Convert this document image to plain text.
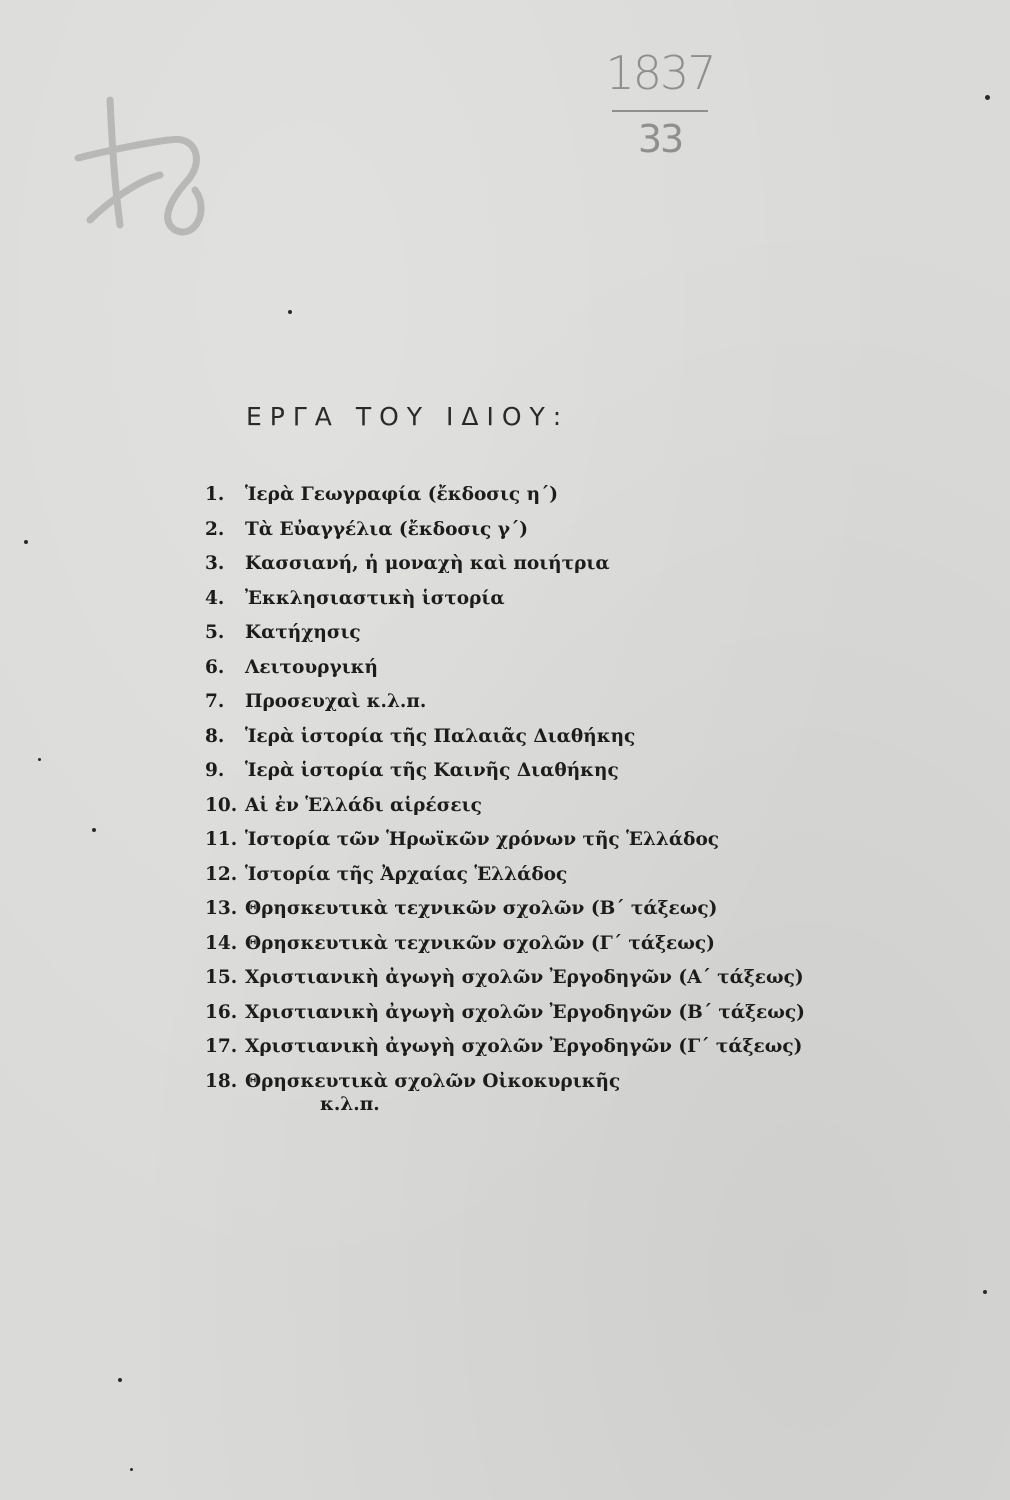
1837
33
ΕΡΓΑ ΤΟΥ ΙΔΙΟΥ:
1. Ἱερὰ Γεωγραφία (ἔκδοσις η΄)
2. Τὰ Εὐαγγέλια (ἔκδοσις γ΄)
3. Κασσιανή, ἡ μοναχὴ καὶ ποιήτρια
4. Ἐκκλησιαστικὴ ἱστορία
5. Κατήχησις
6. Λειτουργική
7. Προσευχαὶ κ.λ.π.
8. Ἱερὰ ἱστορία τῆς Παλαιᾶς Διαθήκης
9. Ἱερὰ ἱστορία τῆς Καινῆς Διαθήκης
10. Αἱ ἐν Ἑλλάδι αἱρέσεις
11. Ἱστορία τῶν Ἡρωϊκῶν χρόνων τῆς Ἑλλάδος
12. Ἱστορία τῆς Ἀρχαίας Ἑλλάδος
13. Θρησκευτικὰ τεχνικῶν σχολῶν (Β΄ τάξεως)
14. Θρησκευτικὰ τεχνικῶν σχολῶν (Γ΄ τάξεως)
15. Χριστιανικὴ ἀγωγὴ σχολῶν Ἐργοδηγῶν (Α΄ τάξεως)
16. Χριστιανικὴ ἀγωγὴ σχολῶν Ἐργοδηγῶν (Β΄ τάξεως)
17. Χριστιανικὴ ἀγωγὴ σχολῶν Ἐργοδηγῶν (Γ΄ τάξεως)
18. Θρησκευτικὰ σχολῶν Οἰκοκυρικῆς
κ.λ.π.
